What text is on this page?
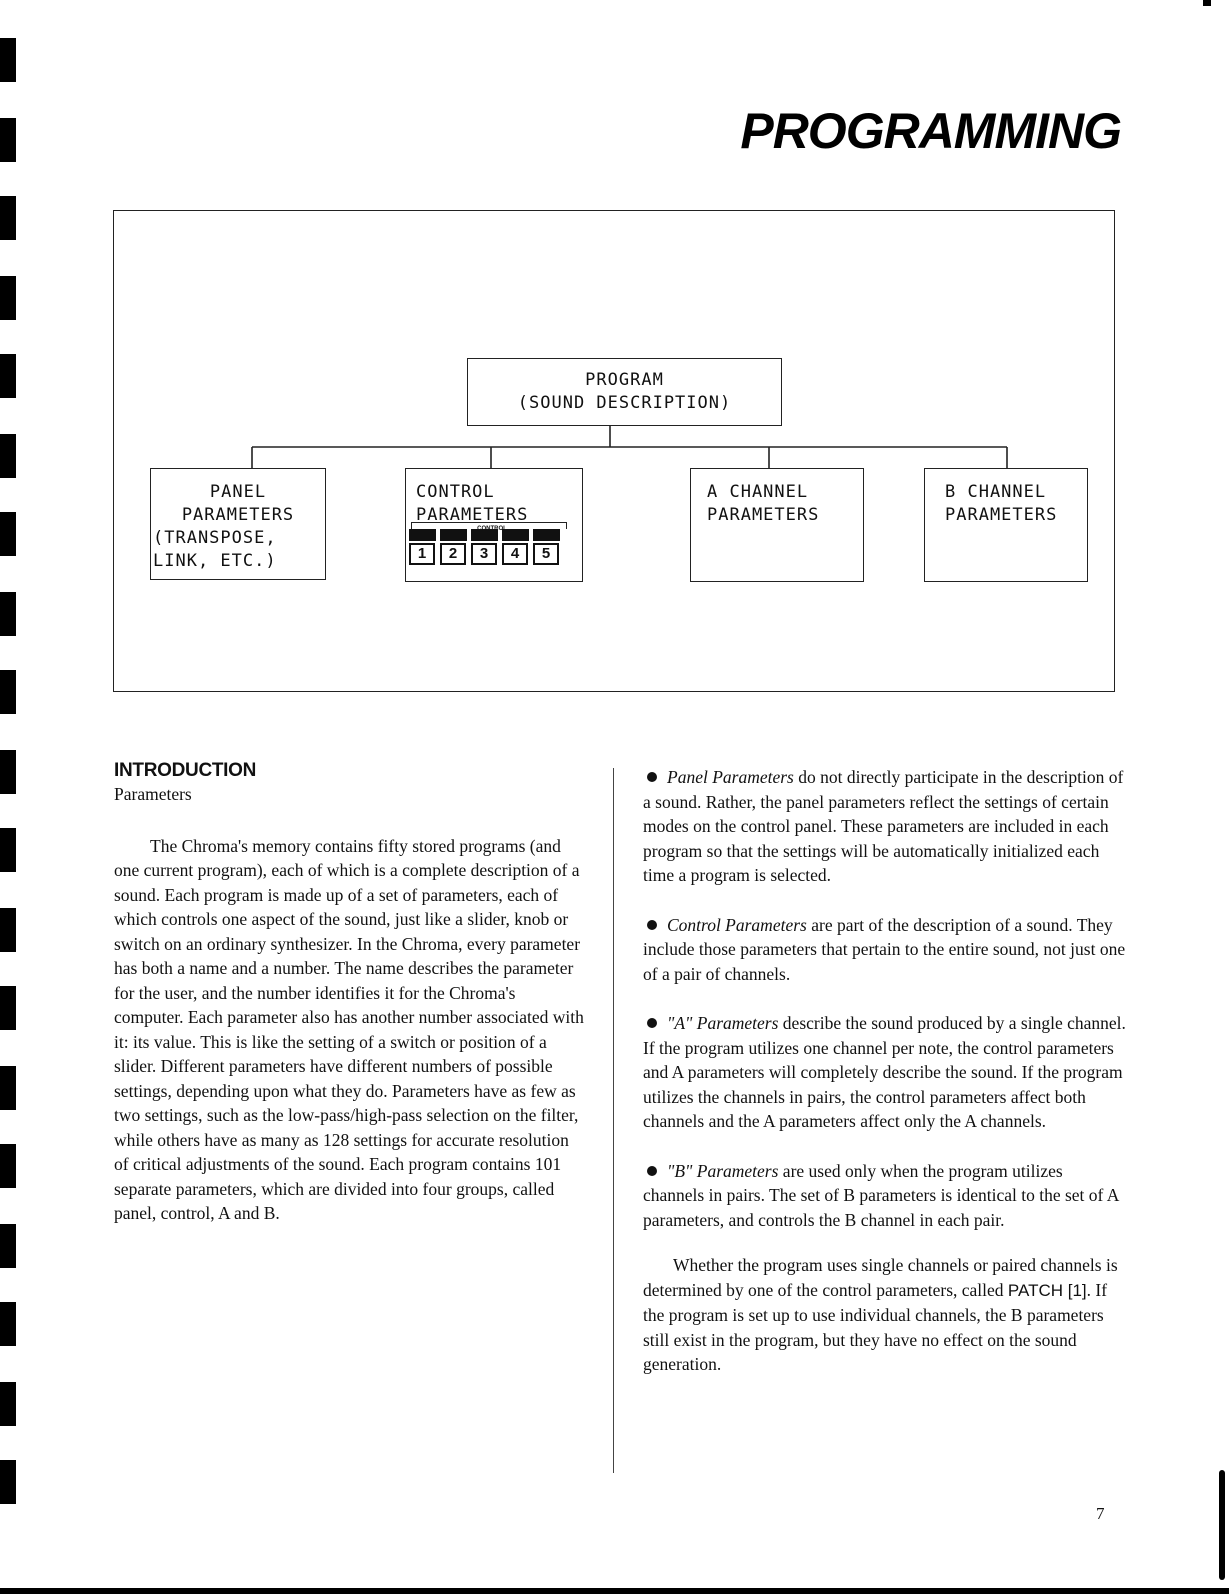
PROGRAMMING
PROGRAM
(SOUND DESCRIPTION)
PANEL
PARAMETERS
(TRANSPOSE,
LINK, ETC.)
CONTROL
PARAMETERS
1	2	3	4	5
A CHANNEL
PARAMETERS
B CHANNEL
PARAMETERS
INTRODUCTION

Parameters

The Chroma's memory contains fifty stored programs (and one current program), each of which is a complete description of a sound. Each program is made up of a set of parameters, each of which controls one aspect of the sound, just like a slider, knob or switch on an ordinary synthesizer. In the Chroma, every parameter has both a name and a number. The name describes the parameter for the user, and the number identifies it for the Chroma's computer. Each parameter also has another number associated with it: its value. This is like the setting of a switch or position of a slider. Different parameters have different numbers of possible settings, depending upon what they do. Parameters have as few as two settings, such as the low-pass/high-pass selection on the filter, while others have as many as 128 settings for accurate resolution of critical adjustments of the sound. Each program contains 101 separate parameters, which are divided into four groups, called panel, control, A and B.

Panel Parameters do not directly participate in the description of a sound. Rather, the panel parameters reflect the settings of certain modes on the control panel. These parameters are included in each program so that the settings will be automatically initialized each time a program is selected.

Control Parameters are part of the description of a sound. They include those parameters that pertain to the entire sound, not just one of a pair of channels.

"A" Parameters describe the sound produced by a single channel. If the program utilizes one channel per note, the control parameters and A parameters will completely describe the sound. If the program utilizes the channels in pairs, the control parameters affect both channels and the A parameters affect only the A channels.

"B" Parameters are used only when the program utilizes channels in pairs. The set of B parameters is identical to the set of A parameters, and controls the B channel in each pair.

Whether the program uses single channels or paired channels is determined by one of the control parameters, called PATCH [1]. If the program is set up to use individual channels, the B parameters still exist in the program, but they have no effect on the sound generation.

7
